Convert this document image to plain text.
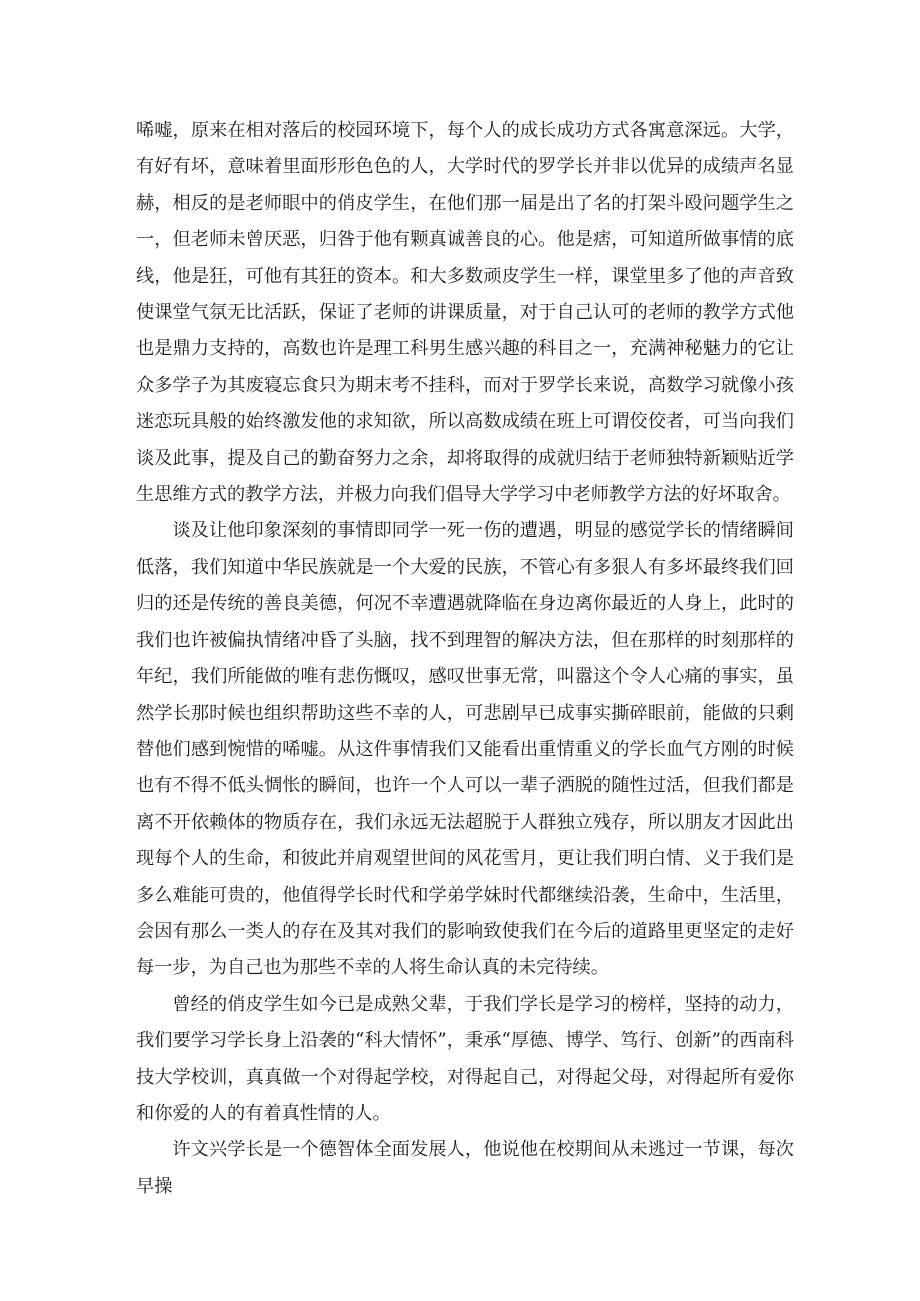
唏嘘，原来在相对落后的校园环境下，每个人的成长成功方式各寓意深远。大学，有好有坏，意味着里面形形色色的人，大学时代的罗学长并非以优异的成绩声名显赫，相反的是老师眼中的俏皮学生，在他们那一届是出了名的打架斗殴问题学生之一，但老师未曾厌恶，归咎于他有颗真诚善良的心。他是痞，可知道所做事情的底线，他是狂，可他有其狂的资本。和大多数顽皮学生一样，课堂里多了他的声音致使课堂气氛无比活跃，保证了老师的讲课质量，对于自己认可的老师的教学方式他也是鼎力支持的，高数也许是理工科男生感兴趣的科目之一，充满神秘魅力的它让众多学子为其废寝忘食只为期末考不挂科，而对于罗学长来说，高数学习就像小孩迷恋玩具般的始终激发他的求知欲，所以高数成绩在班上可谓佼佼者，可当向我们谈及此事，提及自己的勤奋努力之余，却将取得的成就归结于老师独特新颖贴近学生思维方式的教学方法，并极力向我们倡导大学学习中老师教学方法的好坏取舍。

谈及让他印象深刻的事情即同学一死一伤的遭遇，明显的感觉学长的情绪瞬间低落，我们知道中华民族就是一个大爱的民族，不管心有多狠人有多坏最终我们回归的还是传统的善良美德，何况不幸遭遇就降临在身边离你最近的人身上，此时的我们也许被偏执情绪冲昏了头脑，找不到理智的解决方法，但在那样的时刻那样的年纪，我们所能做的唯有悲伤慨叹，感叹世事无常，叫嚣这个令人心痛的事实，虽然学长那时候也组织帮助这些不幸的人，可悲剧早已成事实撕碎眼前，能做的只剩替他们感到惋惜的唏嘘。从这件事情我们又能看出重情重义的学长血气方刚的时候也有不得不低头惆怅的瞬间，也许一个人可以一辈子洒脱的随性过活，但我们都是离不开依赖体的物质存在，我们永远无法超脱于人群独立残存，所以朋友才因此出现每个人的生命，和彼此并肩观望世间的风花雪月，更让我们明白情、义于我们是多么难能可贵的，他值得学长时代和学弟学妹时代都继续沿袭，生命中，生活里，会因有那么一类人的存在及其对我们的影响致使我们在今后的道路里更坚定的走好每一步，为自己也为那些不幸的人将生命认真的未完待续。

曾经的俏皮学生如今已是成熟父辈，于我们学长是学习的榜样，坚持的动力，我们要学习学长身上沿袭的“科大情怀”，秉承“厚德、博学、笃行、创新”的西南科技大学校训，真真做一个对得起学校，对得起自己，对得起父母，对得起所有爱你和你爱的人的有着真性情的人。

许文兴学长是一个德智体全面发展人，他说他在校期间从未逃过一节课，每次早操
